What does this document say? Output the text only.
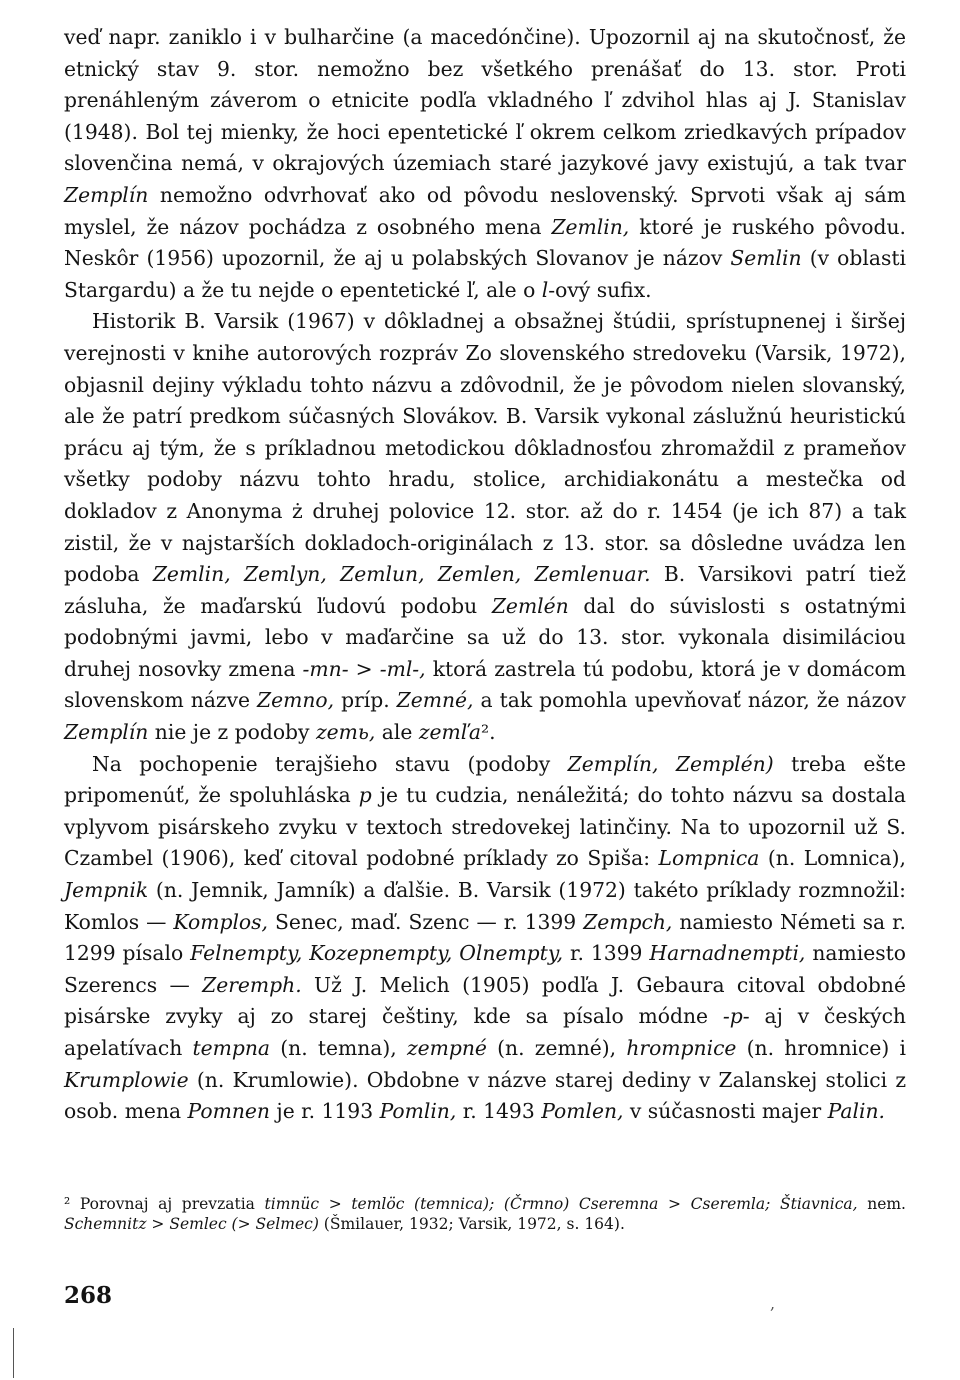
veď napr. zaniklo i v bulharčine (a macedónčine). Upozornil aj na skutočnosť, že etnický stav 9. stor. nemožno bez všetkého prenášať do 13. stor. Proti prenáhleným záverom o etnicite podľa vkladného ľ zdvihol hlas aj J. Stanislav (1948). Bol tej mienky, že hoci epentetické ľ okrem celkom zriedkavých prípadov slovenčina nemá, v okrajových územiach staré jazykové javy existujú, a tak tvar Zemplín nemožno odvrhovať ako od pôvodu neslovenský. Sprvoti však aj sám myslel, že názov pochádza z osobného mena Zemlin, ktoré je ruského pôvodu. Neskôr (1956) upozornil, že aj u polabských Slovanov je názov Semlin (v oblasti Stargardu) a že tu nejde o epentetické ľ, ale o l-ový sufix.

Historik B. Varsik (1967) v dôkladnej a obsažnej štúdii, sprístupnenej i širšej verejnosti v knihe autorových rozpráv Zo slovenského stredoveku (Varsik, 1972), objasnil dejiny výkladu tohto názvu a zdôvodnil, že je pôvodom nielen slovanský, ale že patrí predkom súčasných Slovákov. B. Varsik vykonal záslužnú heuristickú prácu aj tým, že s príkladnou metodickou dôkladnosťou zhromaždil z prameňov všetky podoby názvu tohto hradu, stolice, archidiakonátu a mestečka od dokladov z Anonyma ż druhej polovice 12. stor. až do r. 1454 (je ich 87) a tak zistil, že v najstarších dokladoch-originálach z 13. stor. sa dôsledne uvádza len podoba Zemlin, Zemlyn, Zemlun, Zemlen, Zemlenuar. B. Varsikovi patrí tiež zásluha, že maďarskú ľudovú podobu Zemlén dal do súvislosti s ostatnými podobnými javmi, lebo v maďarčine sa už do 13. stor. vykonala disimiláciou druhej nosovky zmena -mn- > -ml-, ktorá zastrela tú podobu, ktorá je v domácom slovenskom názve Zemno, príp. Zemné, a tak pomohla upevňovať názor, že názov Zemplín nie je z podoby zemь, ale zemľa².

Na pochopenie terajšieho stavu (podoby Zemplín, Zemplén) treba ešte pripomenúť, že spoluhláska p je tu cudzia, nenáležitá; do tohto názvu sa dostala vplyvom pisárskeho zvyku v textoch stredovekej latinčiny. Na to upozornil už S. Czambel (1906), keď citoval podobné príklady zo Spiša: Lompnica (n. Lomnica), Jempnik (n. Jemnik, Jamník) a ďalšie. B. Varsik (1972) takéto príklady rozmnožil: Komlos — Komplos, Senec, maď. Szenc — r. 1399 Zempch, namiesto Németi sa r. 1299 písalo Felnempty, Kozepnempty, Olnempty, r. 1399 Harnadnempti, namiesto Szerencs — Zeremph. Už J. Melich (1905) podľa J. Gebaura citoval obdobné pisárske zvyky aj zo starej češtiny, kde sa písalo módne -p- aj v českých apelatívach tempna (n. temna), zempné (n. zemné), hrompnice (n. hromnice) i Krumplowie (n. Krumlowie). Obdobne v názve starej dediny v Zalanskej stolici z osob. mena Pomnen je r. 1193 Pomlin, r. 1493 Pomlen, v súčasnosti majer Palin.

² Porovnaj aj prevzatia timnüc > temlöc (temnica); (Črmno) Cseremna > Cseremla; Štiavnica, nem. Schemnitz > Semlec (> Selmec) (Šmilauer, 1932; Varsik, 1972, s. 164).

268	,
